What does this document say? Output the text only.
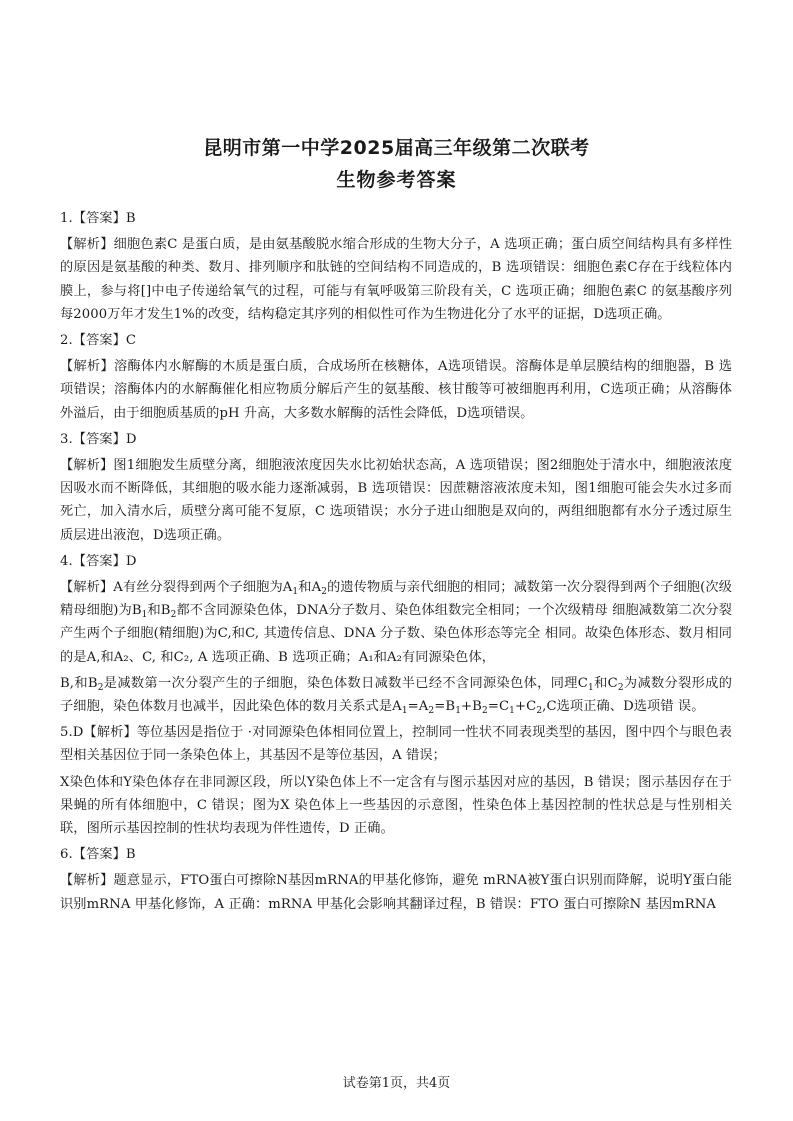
昆明市第一中学2025届高三年级第二次联考
生物参考答案

1.【答案】B

【解析】细胞色素C 是蛋白质，是由氨基酸脱水缩合形成的生物大分子，A 选项正确；蛋白质空间结构具有多样性的原因是氨基酸的种类、数月、排列顺序和肽链的空间结构不同造成的，B 选项错误：细胞色素C存在于线粒体内膜上，参与将[]中电子传递给氧气的过程，可能与有氧呼吸第三阶段有关，C 选项正确；细胞色素C 的氨基酸序列每2000万年才发生1%的改变，结构稳定其序列的相似性可作为生物进化分了水平的证据，D选项正确。

2.【答案】C

【解析】溶酶体内水解酶的木质是蛋白质，合成场所在核糖体，A选项错误。溶酶体是单层膜结构的细胞器，B 选项错误；溶酶体内的水解酶催化相应物质分解后产生的氨基酸、核甘酸等可被细胞再利用，C选项正确；从溶酶体外溢后，由于细胞质基质的pH 升高，大多数水解酶的活性会降低，D选项错误。

3.【答案】D

【解析】图1细胞发生质壁分离，细胞液浓度因失水比初始状态高，A 选项错误；图2细胞处于清水中，细胞液浓度因吸水而不断降低，其细胞的吸水能力逐渐减弱，B 选项错误：因蔗糖溶液浓度未知，图1细胞可能会失水过多而死亡，加入清水后，质壁分离可能不复原，C 选项错误；水分子进山细胞是双向的，两组细胞都有水分子透过原生质层进出液泡，D选项正确。

4.【答案】D

【解析】A有丝分裂得到两个子细胞为$A_1$和$A_2$的遗传物质与亲代细胞的相同；减数第一次分裂得到两个子细胞(次级精母细胞)为$B_1$和$B_2$都不含同源染色体，DNA分子数月、染色体组数完全相同；一个次级精母 细胞减数第二次分裂产生两个子细胞(精细胞)为C,和C, 其遗传信息、DNA 分子数、染色体形态等完全 相同。故染色体形态、数月相同的是A,和A₂、C, 和C₂, A 选项正确、B 选项正确；A₁和A₂有同源染色体，

B,和$B_2$是减数第一次分裂产生的子细胞，染色体数日减数半已经不含同源染色体，同理$C_1$和$C_2$为减数分裂形成的子细胞，染色体数月也减半，因此染色体的数月关系式是$A_1=A_2=B_1+B_2=C_1+C_2,C$选项正确、D选项错 误。

5.D【解析】等位基因是指位于 ·对同源染色体相同位置上，控制同一性状不同表现类型的基因，图中四个与眼色表型相关基因位于同一条染色体上，其基因不是等位基因，A 错误；

X染色体和Y染色体存在非同源区段，所以Y染色体上不一定含有与图示基因对应的基因，B 错误；图示基因存在于果蝇的所有体细胞中，C 错误；图为X 染色体上一些基因的示意图，性染色体上基因控制的性状总是与性别相关联，图所示基因控制的性状均表现为伴性遗传，D 正确。

6.【答案】B

【解析】题意显示，FTO蛋白可擦除N基因mRNA的甲基化修饰，避免 mRNA被Y蛋白识别而降解，说明Y蛋白能识别mRNA 甲基化修饰，A 正确：mRNA 甲基化会影响其翻译过程，B 错误：FTO 蛋白可擦除N 基因mRNA

试卷第1页，共4页
